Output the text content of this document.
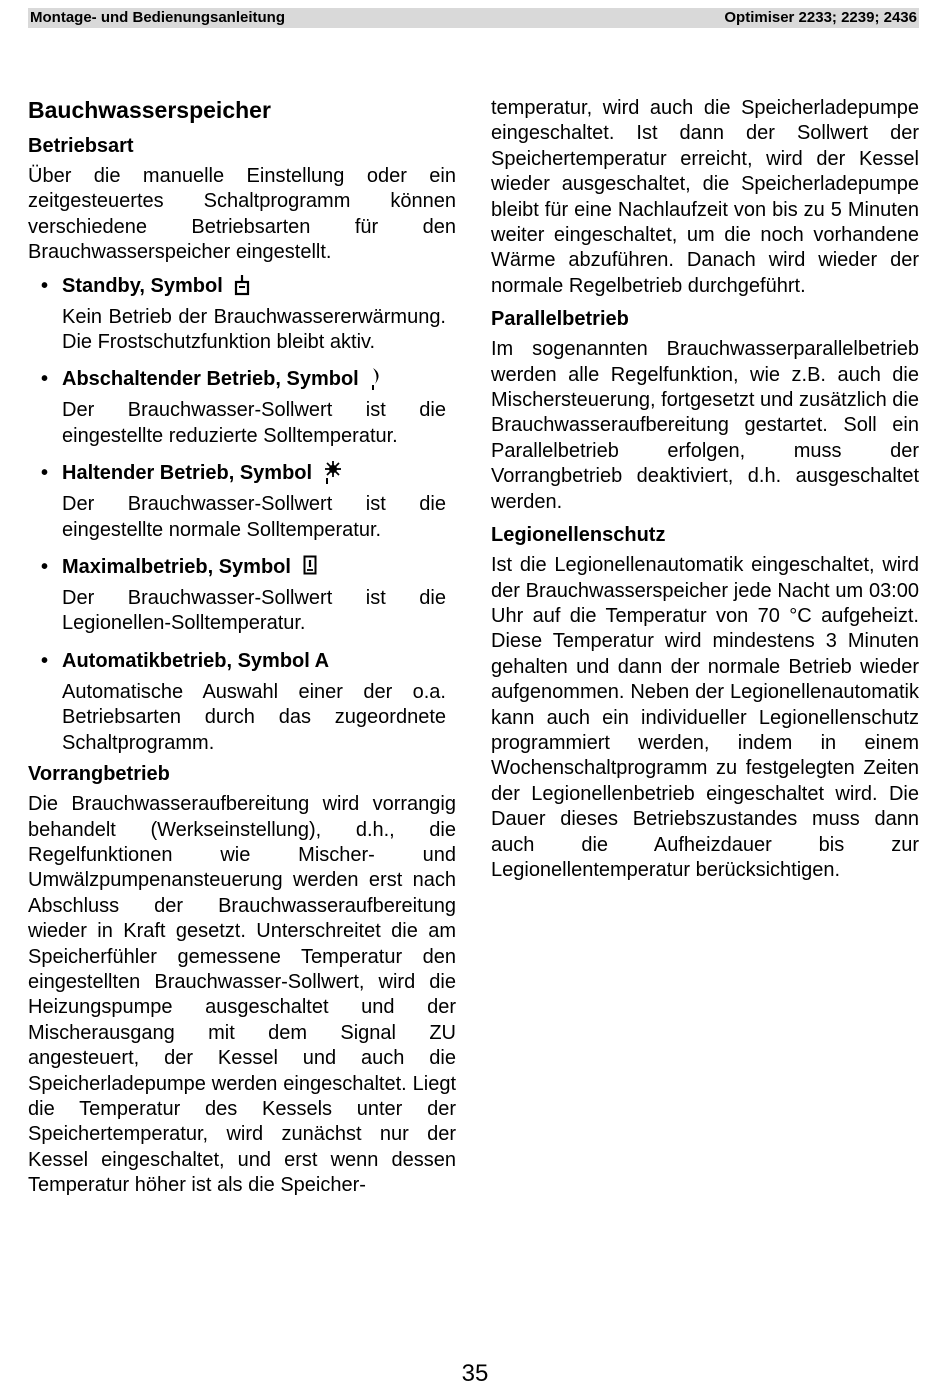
Montage- und Bedienungsanleitung	Optimiser 2233; 2239; 2436
Bauchwasserspeicher
Betriebsart

Über die manuelle Einstellung oder ein zeitgesteuertes Schaltprogramm können verschiedene Betriebsarten für den Brauchwasserspeicher eingestellt.

• Standby, Symbol

Kein Betrieb der Brauchwassererwärmung. Die Frostschutzfunktion bleibt aktiv.

• Abschaltender Betrieb, Symbol

Der Brauchwasser-Sollwert ist die eingestellte reduzierte Solltemperatur.

• Haltender Betrieb, Symbol

Der Brauchwasser-Sollwert ist die eingestellte normale Solltemperatur.

• Maximalbetrieb, Symbol

Der Brauchwasser-Sollwert ist die Legionellen-Solltemperatur.

• Automatikbetrieb, Symbol A

Automatische Auswahl einer der o.a. Betriebsarten durch das zugeordnete Schaltprogramm.

Vorrangbetrieb

Die Brauchwasseraufbereitung wird vorrangig behandelt (Werkseinstellung), d.h., die Regelfunktionen wie Mischer- und Umwälzpumpenansteuerung werden erst nach Abschluss der Brauchwasseraufbereitung wieder in Kraft gesetzt. Unterschreitet die am Speicherfühler gemessene Temperatur den eingestellten Brauchwasser-Sollwert, wird die Heizungspumpe ausgeschaltet und der Mischerausgang mit dem Signal ZU angesteuert, der Kessel und auch die Speicherladepumpe werden eingeschaltet. Liegt die Temperatur des Kessels unter der Speichertemperatur, wird zunächst nur der Kessel eingeschaltet, und erst wenn dessen Temperatur höher ist als die Speicher-

temperatur, wird auch die Speicherladepumpe eingeschaltet. Ist dann der Sollwert der Speichertemperatur erreicht, wird der Kessel wieder ausgeschaltet, die Speicherladepumpe bleibt für eine Nachlaufzeit von bis zu 5 Minuten weiter eingeschaltet, um die noch vorhandene Wärme abzuführen. Danach wird wieder der normale Regelbetrieb durchgeführt.

Parallelbetrieb

Im sogenannten Brauchwasserparallelbetrieb werden alle Regelfunktion, wie z.B. auch die Mischersteuerung, fortgesetzt und zusätzlich die Brauchwasseraufbereitung gestartet. Soll ein Parallelbetrieb erfolgen, muss der Vorrangbetrieb deaktiviert, d.h. ausgeschaltet werden.

Legionellenschutz

Ist die Legionellenautomatik eingeschaltet, wird der Brauchwasserspeicher jede Nacht um 03:00 Uhr auf die Temperatur von 70 °C aufgeheizt. Diese Temperatur wird mindestens 3 Minuten gehalten und dann der normale Betrieb wieder aufgenommen. Neben der Legionellenautomatik kann auch ein individueller Legionellenschutz programmiert werden, indem in einem Wochenschaltprogramm zu festgelegten Zeiten der Legionellenbetrieb eingeschaltet wird. Die Dauer dieses Betriebszustandes muss dann auch die Aufheizdauer bis zur Legionellentemperatur berücksichtigen.

35
